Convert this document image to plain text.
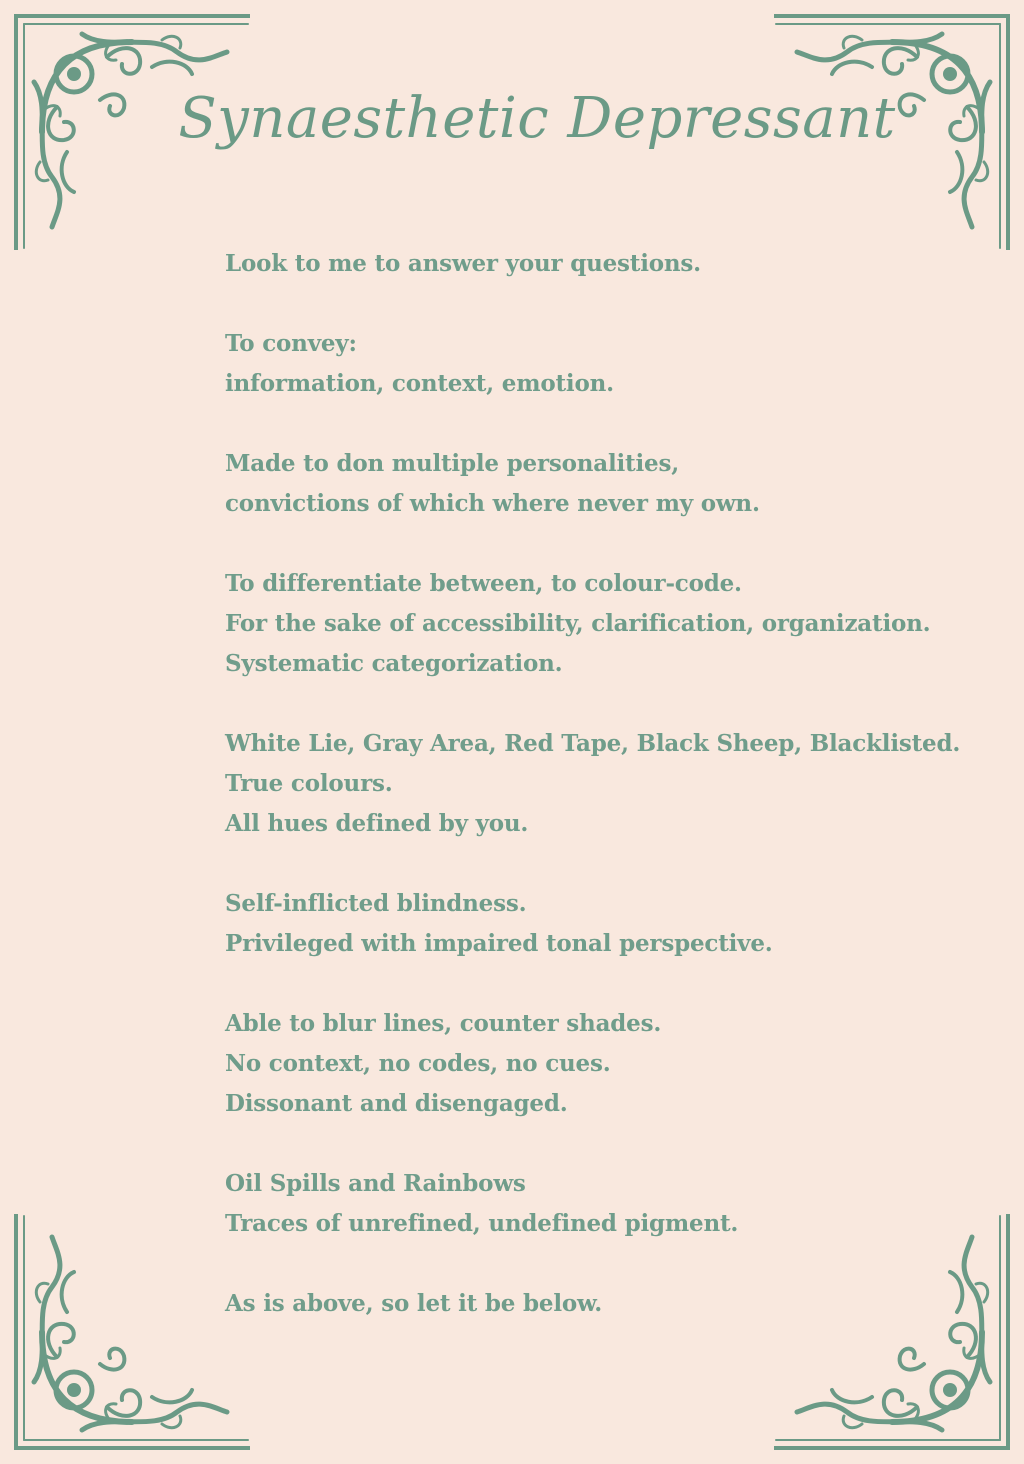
Synaesthetic Depressant
Look to me to answer your questions.
To convey:
information, context, emotion.
Made to don multiple personalities,
convictions of which where never my own.
To differentiate between, to colour-code.
For the sake of accessibility, clarification, organization.
Systematic categorization.
White Lie, Gray Area, Red Tape, Black Sheep, Blacklisted.
True colours.
All hues defined by you.
Self-inflicted blindness.
Privileged with impaired tonal perspective.
Able to blur lines, counter shades.
No context, no codes, no cues.
Dissonant and disengaged.
Oil Spills and Rainbows
Traces of unrefined, undefined pigment.
As is above, so let it be below.
